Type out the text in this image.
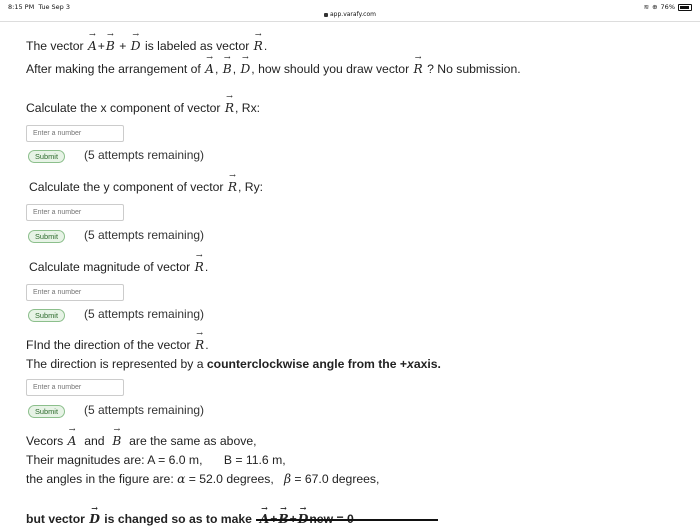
8:15 PM Tue Sep 3
app.varafy.com
≋ ⊕ 76%
The vector → A+→ B + → D is labeled as vector → R.
After making the arrangement of → A, → B, → D, how should you draw vector → R ? No submission.
Calculate the x component of vector → R, Rx:
Enter a number
Submit	(5 attempts remaining)
Calculate the y component of vector → R, Ry:
Enter a number
Submit	(5 attempts remaining)
Calculate magnitude of vector → R.
Enter a number
Submit	(5 attempts remaining)
FInd the direction of the vector → R.
The direction is represented by a counterclockwise angle from the +xaxis.
Enter a number
Submit	(5 attempts remaining)
Vecors → A and → B are the same as above,
Their magnitudes are: A = 6.0 m, B = 11.6 m,
the angles in the figure are: α = 52.0 degrees, β = 67.0 degrees,
but vector → D is changed so as to make  →→→
